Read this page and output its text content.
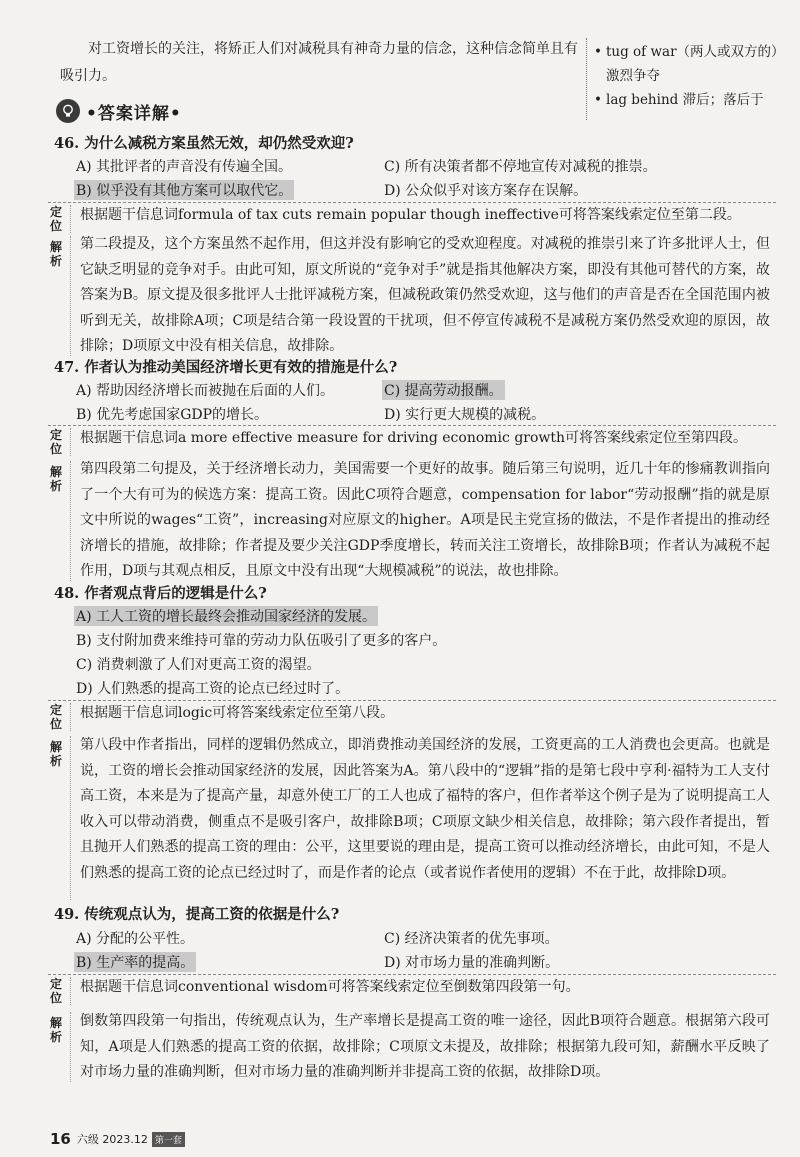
对工资增长的关注，将矫正人们对减税具有神奇力量的信念，这种信念简单且有吸引力。
• tug of war（两人或双方的）激烈争夺
• lag behind 滞后；落后于
•答案详解•
46. 为什么减税方案虽然无效，却仍然受欢迎?
A) 其批评者的声音没有传遍全国。	C) 所有决策者都不停地宣传对减税的推崇。
B) 似乎没有其他方案可以取代它。	D) 公众似乎对该方案存在误解。
定位
根据题干信息词formula of tax cuts remain popular though ineffective可将答案线索定位至第二段。
解析
第二段提及，这个方案虽然不起作用，但这并没有影响它的受欢迎程度。对减税的推崇引来了许多批评人士，但它缺乏明显的竞争对手。由此可知，原文所说的“竞争对手”就是指其他解决方案，即没有其他可替代的方案，故答案为B。原文提及很多批评人士批评减税方案，但减税政策仍然受欢迎，这与他们的声音是否在全国范围内被听到无关，故排除A项；C项是结合第一段设置的干扰项，但不停宣传减税不是减税方案仍然受欢迎的原因，故排除；D项原文中没有相关信息，故排除。
47. 作者认为推动美国经济增长更有效的措施是什么?
A) 帮助因经济增长而被抛在后面的人们。	C) 提高劳动报酬。
B) 优先考虑国家GDP的增长。	D) 实行更大规模的减税。
定位
根据题干信息词a more effective measure for driving economic growth可将答案线索定位至第四段。
解析
第四段第二句提及，关于经济增长动力，美国需要一个更好的故事。随后第三句说明，近几十年的惨痛教训指向了一个大有可为的候选方案：提高工资。因此C项符合题意，compensation for labor“劳动报酬”指的就是原文中所说的wages“工资”，increasing对应原文的higher。A项是民主党宣扬的做法，不是作者提出的推动经济增长的措施，故排除；作者提及要少关注GDP季度增长，转而关注工资增长，故排除B项；作者认为减税不起作用，D项与其观点相反，且原文中没有出现“大规模减税”的说法，故也排除。
48. 作者观点背后的逻辑是什么?
A) 工人工资的增长最终会推动国家经济的发展。
B) 支付附加费来维持可靠的劳动力队伍吸引了更多的客户。
C) 消费刺激了人们对更高工资的渴望。
D) 人们熟悉的提高工资的论点已经过时了。
定位
根据题干信息词logic可将答案线索定位至第八段。
解析
第八段中作者指出，同样的逻辑仍然成立，即消费推动美国经济的发展，工资更高的工人消费也会更高。也就是说，工资的增长会推动国家经济的发展，因此答案为A。第八段中的“逻辑”指的是第七段中亨利·福特为工人支付高工资，本来是为了提高产量，却意外使工厂的工人也成了福特的客户，但作者举这个例子是为了说明提高工人收入可以带动消费，侧重点不是吸引客户，故排除B项；C项原文缺少相关信息，故排除；第六段作者提出，暂且抛开人们熟悉的提高工资的理由：公平，这里要说的理由是，提高工资可以推动经济增长，由此可知，不是人们熟悉的提高工资的论点已经过时了，而是作者的论点（或者说作者使用的逻辑）不在于此，故排除D项。
49. 传统观点认为，提高工资的依据是什么?
A) 分配的公平性。	C) 经济决策者的优先事项。
B) 生产率的提高。	D) 对市场力量的准确判断。
定位
根据题干信息词conventional wisdom可将答案线索定位至倒数第四段第一句。
解析
倒数第四段第一句指出，传统观点认为，生产率增长是提高工资的唯一途径，因此B项符合题意。根据第六段可知，A项是人们熟悉的提高工资的依据，故排除；C项原文未提及，故排除；根据第九段可知，薪酬水平反映了对市场力量的准确判断，但对市场力量的准确判断并非提高工资的依据，故排除D项。
16 六级 2023.12 第一套
